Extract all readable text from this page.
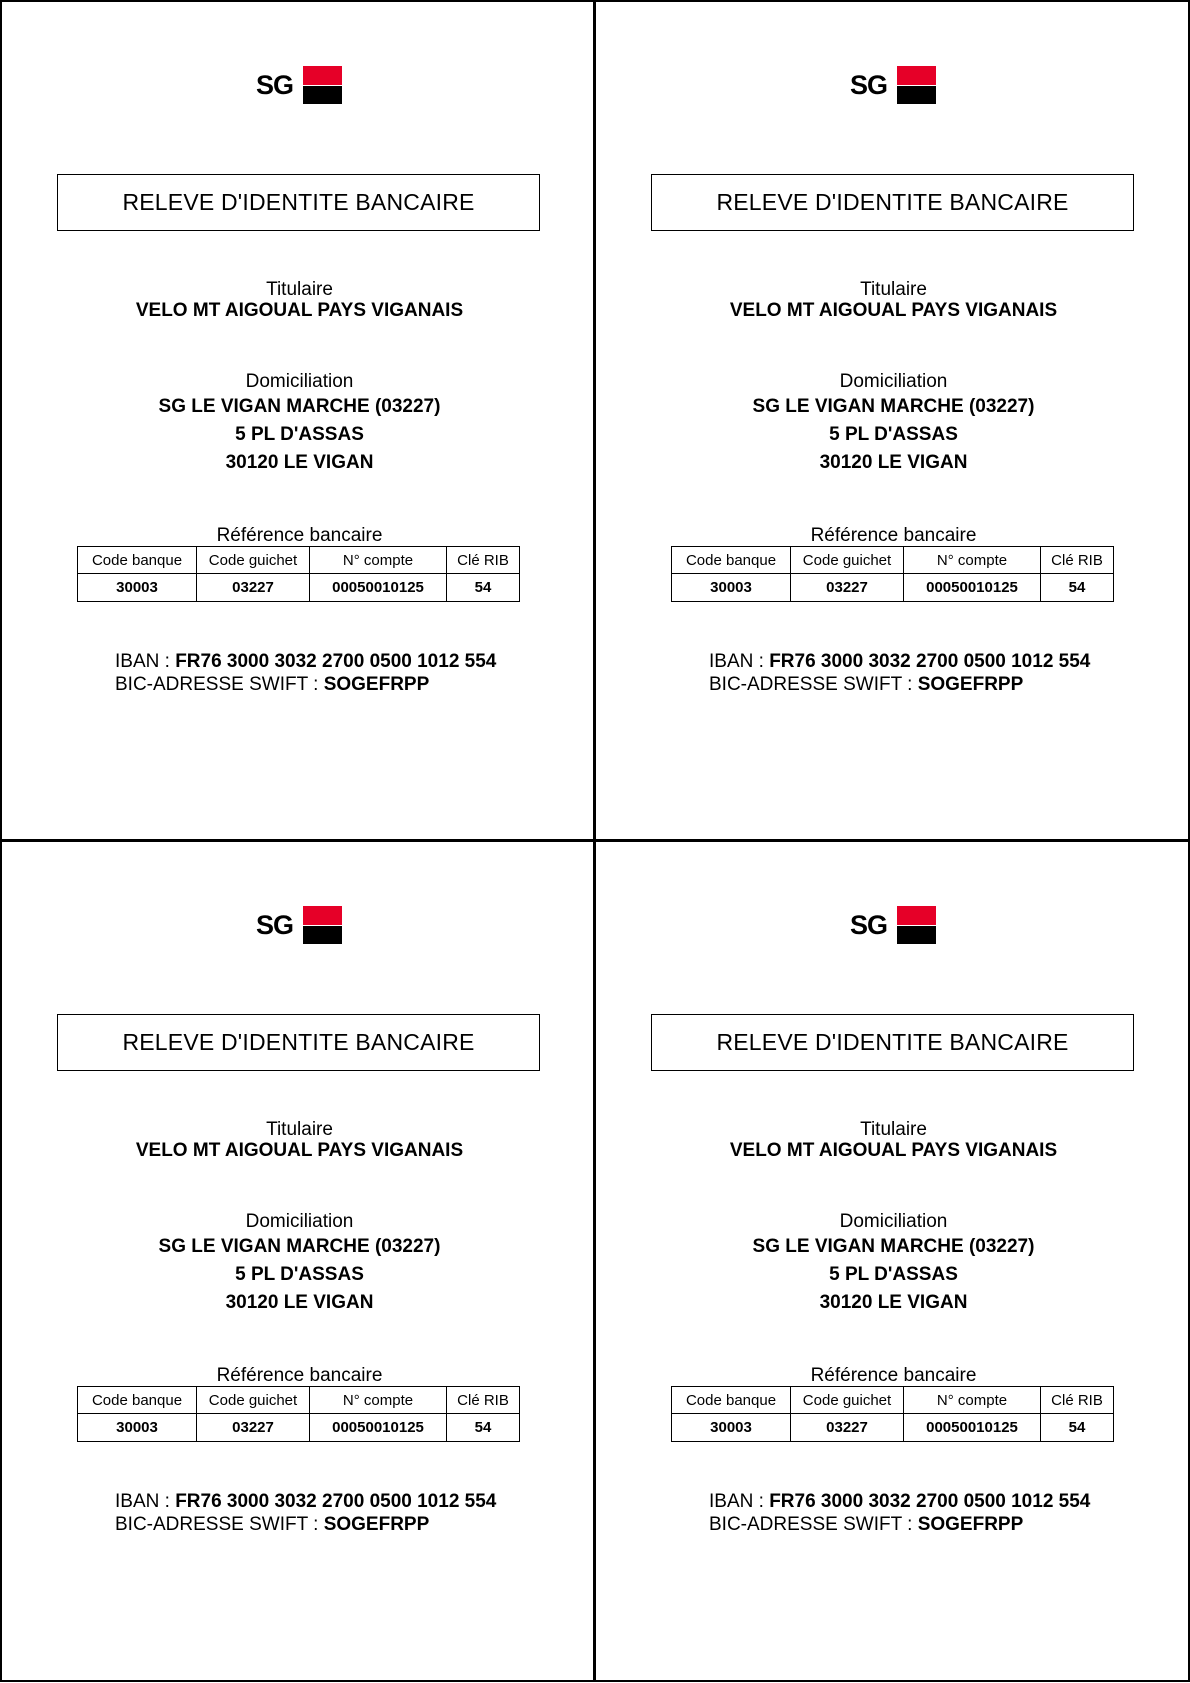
SG
RELEVE D'IDENTITE BANCAIRE
Titulaire
VELO MT AIGOUAL PAYS VIGANAIS
Domiciliation
SG LE VIGAN MARCHE (03227)
5 PL D'ASSAS
30120 LE VIGAN
Référence bancaire
Code banque	Code guichet	N° compte	Clé RIB
30003	03227	00050010125	54
IBAN : FR76 3000 3032 2700 0500 1012 554
BIC-ADRESSE SWIFT : SOGEFRPP
SG
RELEVE D'IDENTITE BANCAIRE
Titulaire
VELO MT AIGOUAL PAYS VIGANAIS
Domiciliation
SG LE VIGAN MARCHE (03227)
5 PL D'ASSAS
30120 LE VIGAN
Référence bancaire
Code banque	Code guichet	N° compte	Clé RIB
30003	03227	00050010125	54
IBAN : FR76 3000 3032 2700 0500 1012 554
BIC-ADRESSE SWIFT : SOGEFRPP
SG
RELEVE D'IDENTITE BANCAIRE
Titulaire
VELO MT AIGOUAL PAYS VIGANAIS
Domiciliation
SG LE VIGAN MARCHE (03227)
5 PL D'ASSAS
30120 LE VIGAN
Référence bancaire
Code banque	Code guichet	N° compte	Clé RIB
30003	03227	00050010125	54
IBAN : FR76 3000 3032 2700 0500 1012 554
BIC-ADRESSE SWIFT : SOGEFRPP
SG
RELEVE D'IDENTITE BANCAIRE
Titulaire
VELO MT AIGOUAL PAYS VIGANAIS
Domiciliation
SG LE VIGAN MARCHE (03227)
5 PL D'ASSAS
30120 LE VIGAN
Référence bancaire
Code banque	Code guichet	N° compte	Clé RIB
30003	03227	00050010125	54
IBAN : FR76 3000 3032 2700 0500 1012 554
BIC-ADRESSE SWIFT : SOGEFRPP
